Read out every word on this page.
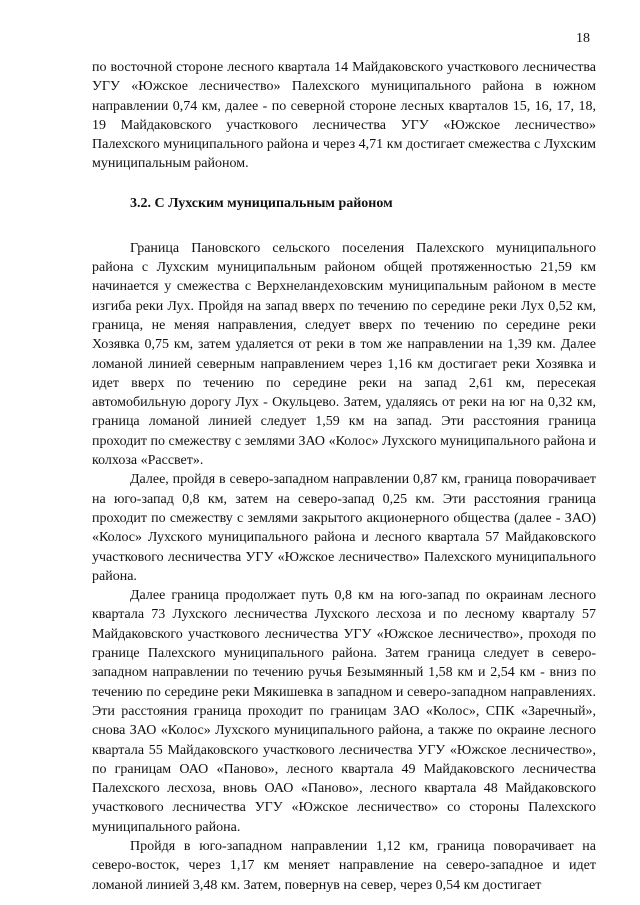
18

по восточной стороне лесного квартала 14 Майдаковского участкового лесничества УГУ «Южское лесничество» Палехского муниципального района в южном направлении 0,74 км, далее - по северной стороне лесных кварталов 15, 16, 17, 18, 19 Майдаковского участкового лесничества УГУ «Южское лесничество» Палехского муниципального района и через 4,71 км достигает смежества с Лухским муниципальным районом.

3.2. С Лухским муниципальным районом

Граница Пановского сельского поселения Палехского муниципального района с Лухским муниципальным районом общей протяженностью 21,59 км начинается у смежества с Верхнеландеховским муниципальным районом в месте изгиба реки Лух. Пройдя на запад вверх по течению по середине реки Лух 0,52 км, граница, не меняя направления, следует вверх по течению по середине реки Хозявка 0,75 км, затем удаляется от реки в том же направлении на 1,39 км. Далее ломаной линией северным направлением через 1,16 км достигает реки Хозявка и идет вверх по течению по середине реки на запад 2,61 км, пересекая автомобильную дорогу Лух - Окульцево. Затем, удаляясь от реки на юг на 0,32 км, граница ломаной линией следует 1,59 км на запад. Эти расстояния граница проходит по смежеству с землями ЗАО «Колос» Лухского муниципального района и колхоза «Рассвет».

Далее, пройдя в северо-западном направлении 0,87 км, граница поворачивает на юго-запад 0,8 км, затем на северо-запад 0,25 км. Эти расстояния граница проходит по смежеству с землями закрытого акционерного общества (далее - ЗАО) «Колос» Лухского муниципального района и лесного квартала 57 Майдаковского участкового лесничества УГУ «Южское лесничество» Палехского муниципального района.

Далее граница продолжает путь 0,8 км на юго-запад по окраинам лесного квартала 73 Лухского лесничества Лухского лесхоза и по лесному кварталу 57 Майдаковского участкового лесничества УГУ «Южское лесничество», проходя по границе Палехского муниципального района. Затем граница следует в северо-западном направлении по течению ручья Безымянный 1,58 км и 2,54 км - вниз по течению по середине реки Мякишевка в западном и северо-западном направлениях. Эти расстояния граница проходит по границам ЗАО «Колос», СПК «Заречный», снова ЗАО «Колос» Лухского муниципального района, а также по окраине лесного квартала 55 Майдаковского участкового лесничества УГУ «Южское лесничество», по границам ОАО «Паново», лесного квартала 49 Майдаковского лесничества Палехского лесхоза, вновь ОАО «Паново», лесного квартала 48 Майдаковского участкового лесничества УГУ «Южское лесничество» со стороны Палехского муниципального района.

Пройдя в юго-западном направлении 1,12 км, граница поворачивает на северо-восток, через 1,17 км меняет направление на северо-западное и идет ломаной линией 3,48 км. Затем, повернув на север, через 0,54 км достигает
